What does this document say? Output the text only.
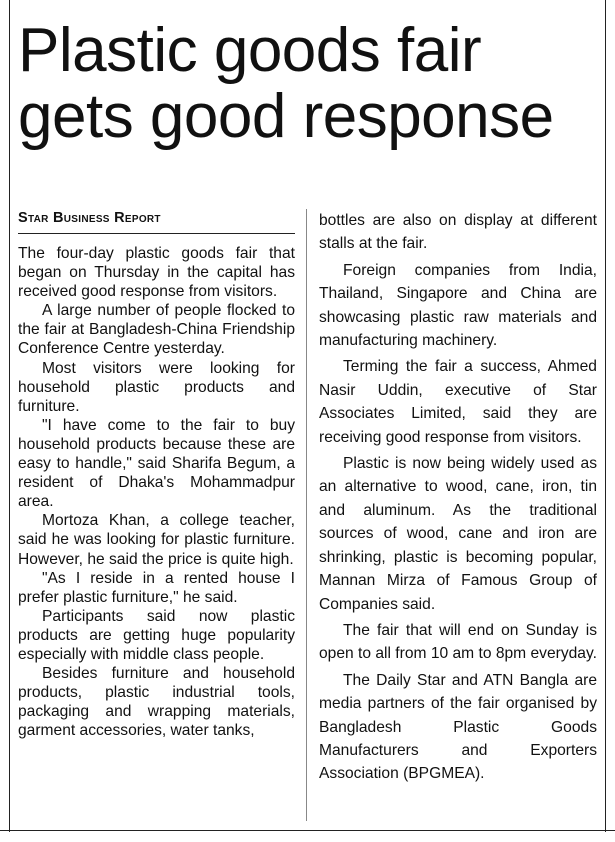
Plastic goods fair gets good response
Star Business Report

The four-day plastic goods fair that began on Thursday in the capital has received good response from visitors.

A large number of people flocked to the fair at Bangladesh-China Friendship Conference Centre yesterday.

Most visitors were looking for household plastic products and furniture.

"I have come to the fair to buy household products because these are easy to handle," said Sharifa Begum, a resident of Dhaka's Mohammadpur area.

Mortoza Khan, a college teacher, said he was looking for plastic furniture. However, he said the price is quite high.

"As I reside in a rented house I prefer plastic furniture," he said.

Participants said now plastic products are getting huge popularity especially with middle class people.

Besides furniture and household products, plastic industrial tools, packaging and wrapping materials, garment accessories, water tanks,

bottles are also on display at different stalls at the fair.

Foreign companies from India, Thailand, Singapore and China are showcasing plastic raw materials and manufacturing machinery.

Terming the fair a success, Ahmed Nasir Uddin, executive of Star Associates Limited, said they are receiving good response from visitors.

Plastic is now being widely used as an alternative to wood, cane, iron, tin and aluminum. As the traditional sources of wood, cane and iron are shrinking, plastic is becoming popular, Mannan Mirza of Famous Group of Companies said.

The fair that will end on Sunday is open to all from 10 am to 8pm everyday.

The Daily Star and ATN Bangla are media partners of the fair organised by Bangladesh Plastic Goods Manufacturers and Exporters Association (BPGMEA).
